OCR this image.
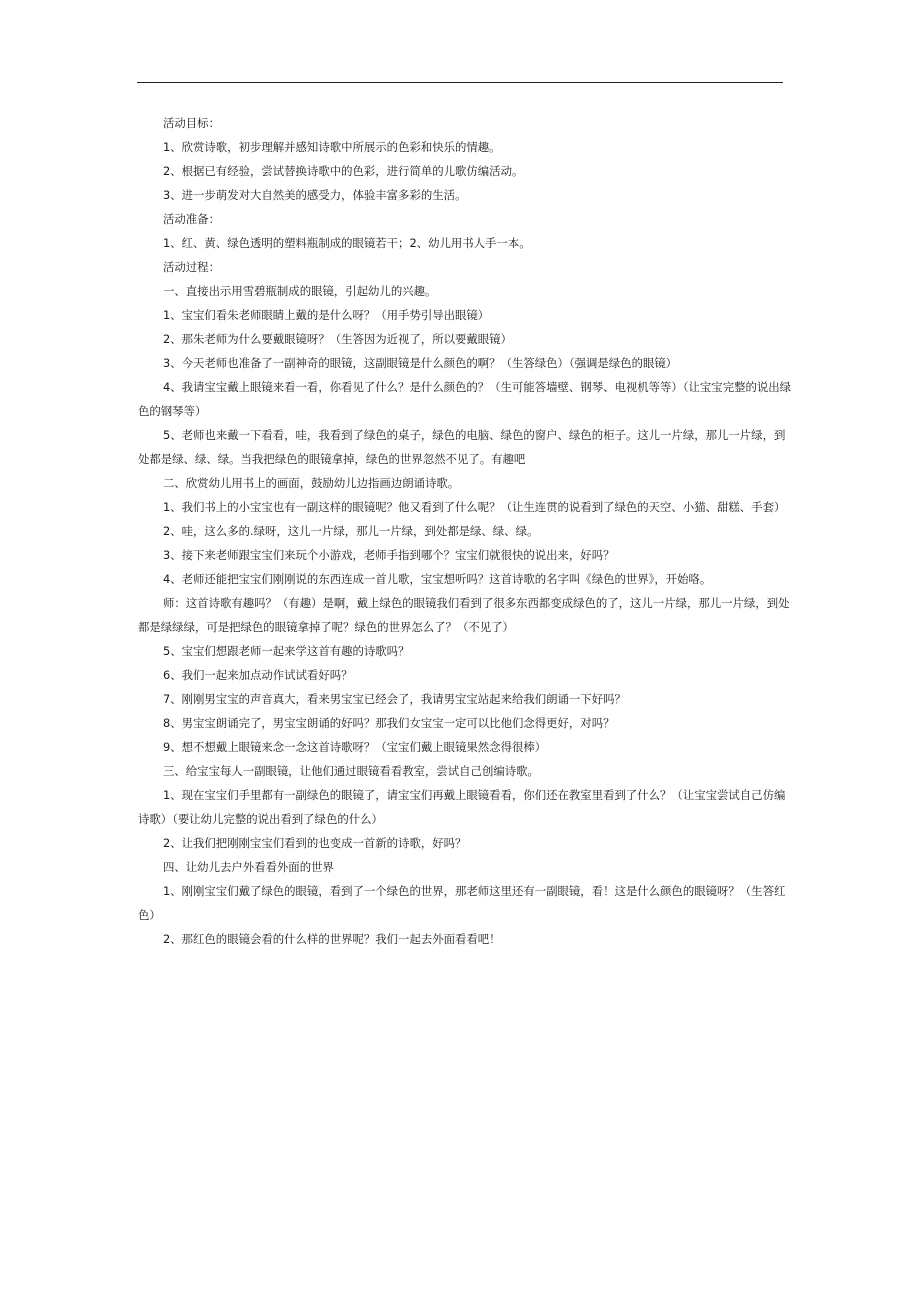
活动目标：

1、欣赏诗歌，初步理解并感知诗歌中所展示的色彩和快乐的情趣。

2、根据已有经验，尝试替换诗歌中的色彩，进行简单的儿歌仿编活动。

3、进一步萌发对大自然美的感受力，体验丰富多彩的生活。

活动准备：

1、红、黄、绿色透明的塑料瓶制成的眼镜若干；2、幼儿用书人手一本。

活动过程：

一、直接出示用雪碧瓶制成的眼镜，引起幼儿的兴趣。

1、宝宝们看朱老师眼睛上戴的是什么呀？（用手势引导出眼镜）

2、那朱老师为什么要戴眼镜呀？（生答因为近视了，所以要戴眼镜）

3、今天老师也准备了一副神奇的眼镜，这副眼镜是什么颜色的啊？（生答绿色）（强调是绿色的眼镜）

4、我请宝宝戴上眼镜来看一看，你看见了什么？是什么颜色的？（生可能答墙壁、钢琴、电视机等等）（让宝宝完整的说出绿色的钢琴等）

5、老师也来戴一下看看，哇，我看到了绿色的桌子，绿色的电脑、绿色的窗户、绿色的柜子。这儿一片绿，那儿一片绿，到处都是绿、绿、绿。当我把绿色的眼镜拿掉，绿色的世界忽然不见了。有趣吧

二、欣赏幼儿用书上的画面，鼓励幼儿边指画边朗诵诗歌。

1、我们书上的小宝宝也有一副这样的眼镜呢？他又看到了什么呢？（让生连贯的说看到了绿色的天空、小猫、甜糕、手套）

2、哇，这么多的.绿呀，这儿一片绿，那儿一片绿，到处都是绿、绿、绿。

3、接下来老师跟宝宝们来玩个小游戏，老师手指到哪个？宝宝们就很快的说出来，好吗？

4、老师还能把宝宝们刚刚说的东西连成一首儿歌，宝宝想听吗？这首诗歌的名字叫《绿色的世界》，开始咯。

师：这首诗歌有趣吗？（有趣）是啊，戴上绿色的眼镜我们看到了很多东西都变成绿色的了，这儿一片绿，那儿一片绿，到处都是绿绿绿，可是把绿色的眼镜拿掉了呢？绿色的世界怎么了？（不见了）

5、宝宝们想跟老师一起来学这首有趣的诗歌吗？

6、我们一起来加点动作试试看好吗？

7、刚刚男宝宝的声音真大，看来男宝宝已经会了，我请男宝宝站起来给我们朗诵一下好吗？

8、男宝宝朗诵完了，男宝宝朗诵的好吗？那我们女宝宝一定可以比他们念得更好，对吗？

9、想不想戴上眼镜来念一念这首诗歌呀？（宝宝们戴上眼镜果然念得很棒）

三、给宝宝每人一副眼镜，让他们通过眼镜看看教室，尝试自己创编诗歌。

1、现在宝宝们手里都有一副绿色的眼镜了，请宝宝们再戴上眼镜看看，你们还在教室里看到了什么？（让宝宝尝试自己仿编诗歌）（要让幼儿完整的说出看到了绿色的什么）

2、让我们把刚刚宝宝们看到的也变成一首新的诗歌，好吗？

四、让幼儿去户外看看外面的世界

1、刚刚宝宝们戴了绿色的眼镜，看到了一个绿色的世界，那老师这里还有一副眼镜，看！这是什么颜色的眼镜呀？（生答红色）

2、那红色的眼镜会看的什么样的世界呢？我们一起去外面看看吧！
